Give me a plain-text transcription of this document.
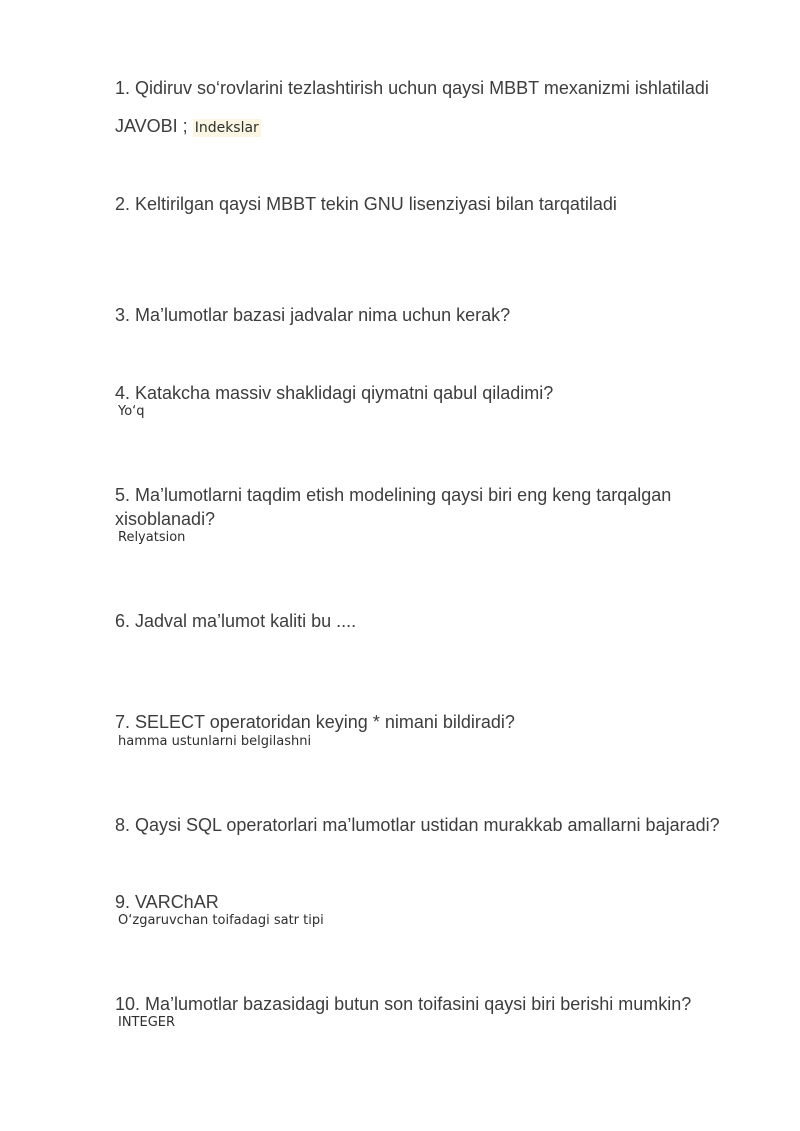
1. Qidiruv so‘rovlarini tezlashtirish uchun qaysi MBBT mexanizmi ishlatiladi
JAVOBI ; Indekslar
2. Keltirilgan qaysi MBBT tekin GNU lisenziyasi bilan tarqatiladi
3. Ma’lumotlar bazasi jadvalar nima uchun kerak?
4. Katakcha massiv shaklidagi qiymatni qabul qiladimi?
Yo‘q
5. Ma’lumotlarni taqdim etish modelining qaysi biri eng keng tarqalgan xisoblanadi?
Relyatsion
6. Jadval ma’lumot kaliti bu ....
7. SELECT operatoridan keying * nimani bildiradi?
hamma ustunlarni belgilashni
8. Qaysi SQL operatorlari ma’lumotlar ustidan murakkab amallarni bajaradi?
9. VARChAR
O‘zgaruvchan toifadagi satr tipi
10. Ma’lumotlar bazasidagi butun son toifasini qaysi biri berishi mumkin?
INTEGER
